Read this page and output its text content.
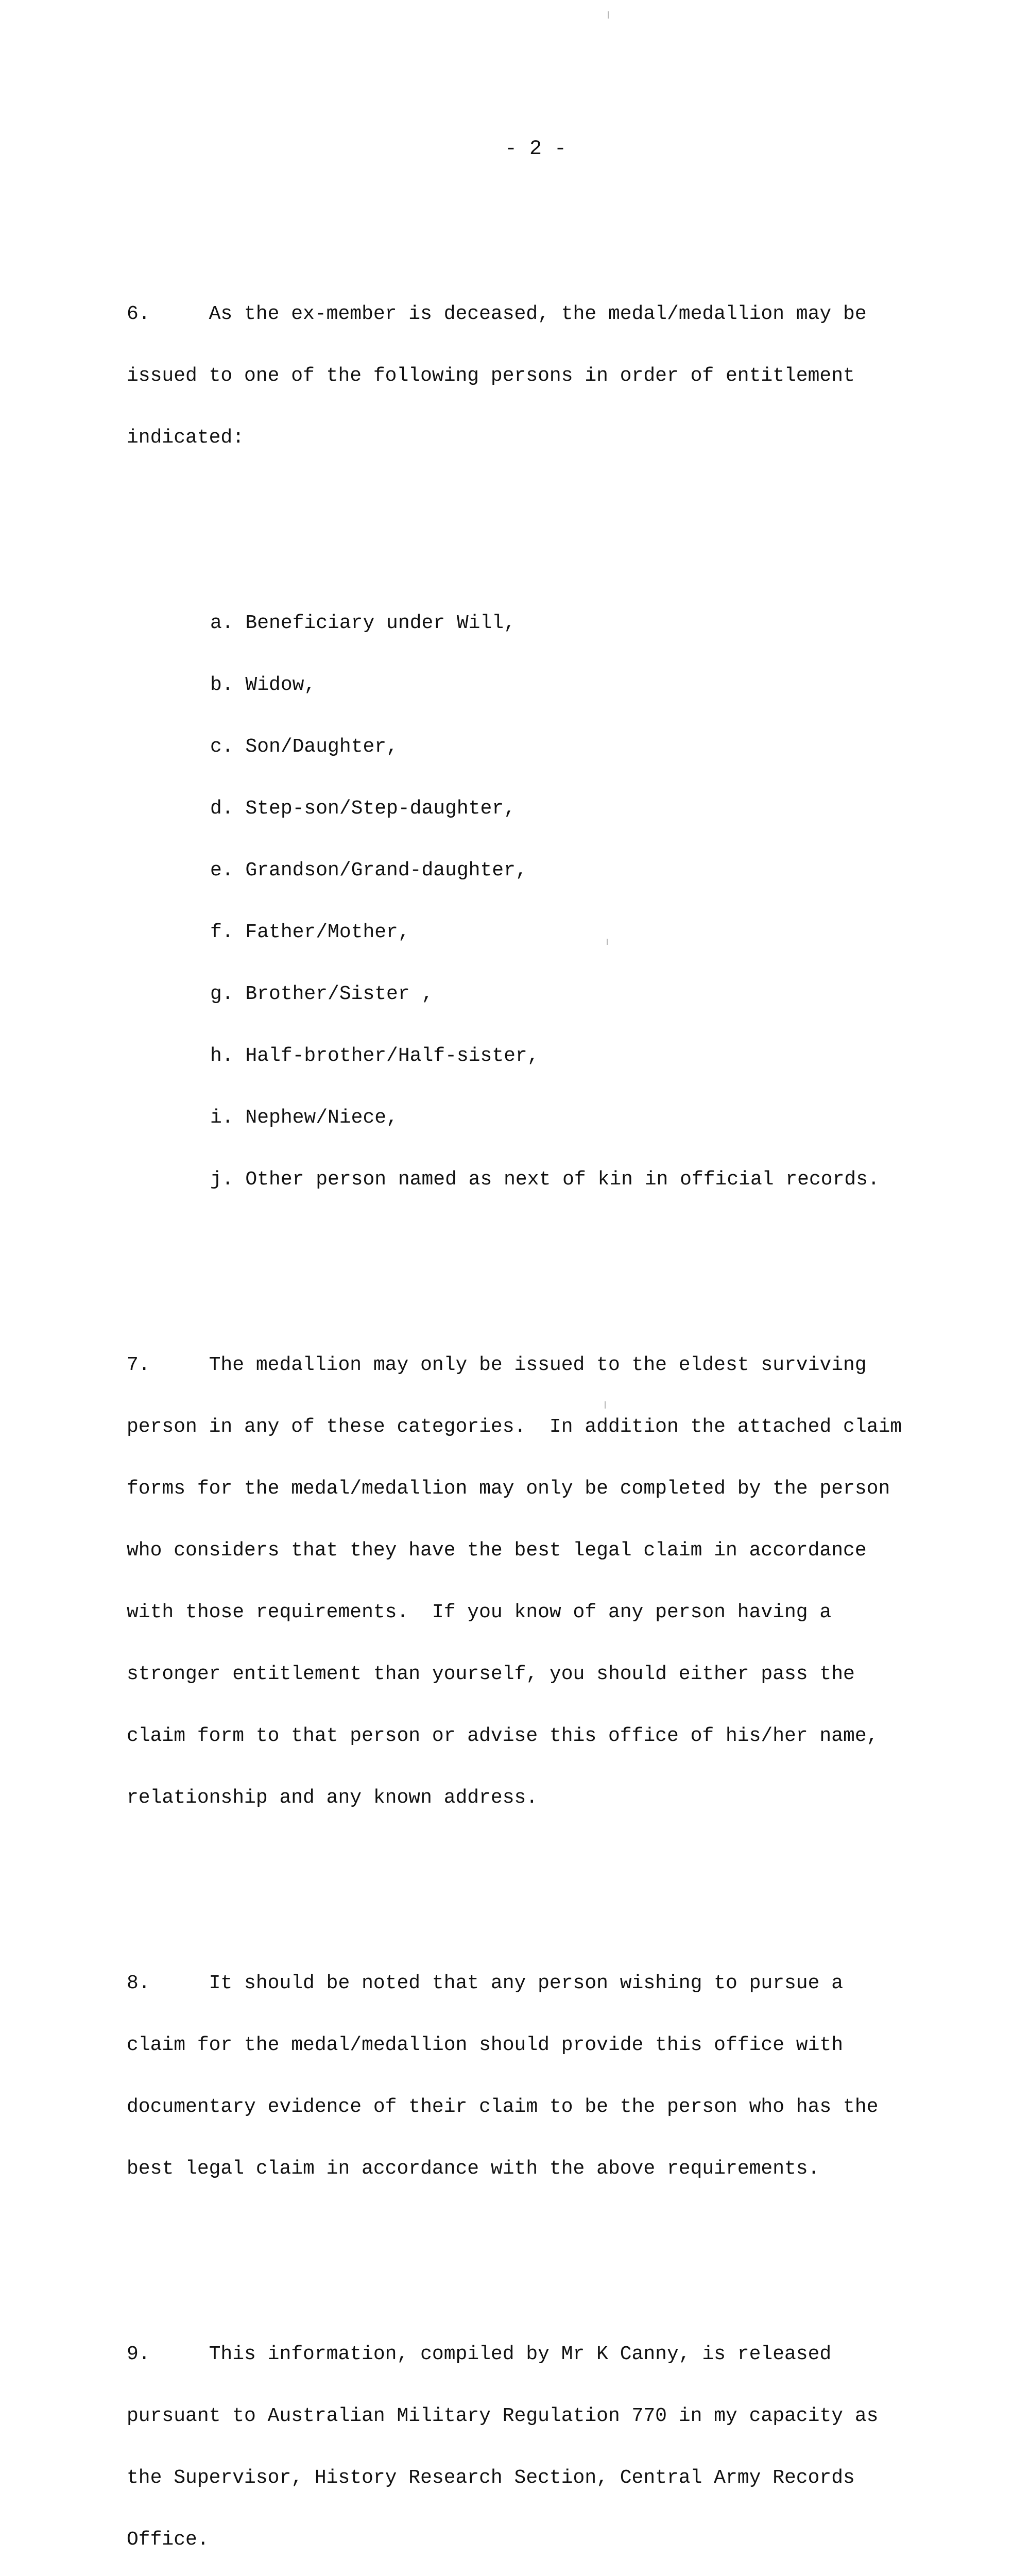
- 2 -

6.     As the ex-member is deceased, the medal/medallion may be

issued to one of the following persons in order of entitlement

indicated:

a. Beneficiary under Will,

b. Widow,

c. Son/Daughter,

d. Step-son/Step-daughter,

e. Grandson/Grand-daughter,

f. Father/Mother,

g. Brother/Sister ,

h. Half-brother/Half-sister,

i. Nephew/Niece,

j. Other person named as next of kin in official records.

7.     The medallion may only be issued to the eldest surviving

person in any of these categories.  In addition the attached claim

forms for the medal/medallion may only be completed by the person

who considers that they have the best legal claim in accordance

with those requirements.  If you know of any person having a

stronger entitlement than yourself, you should either pass the

claim form to that person or advise this office of his/her name,

relationship and any known address.

8.     It should be noted that any person wishing to pursue a

claim for the medal/medallion should provide this office with

documentary evidence of their claim to be the person who has the

best legal claim in accordance with the above requirements.

9.     This information, compiled by Mr K Canny, is released

pursuant to Australian Military Regulation 770 in my capacity as

the Supervisor, History Research Section, Central Army Records

Office.
